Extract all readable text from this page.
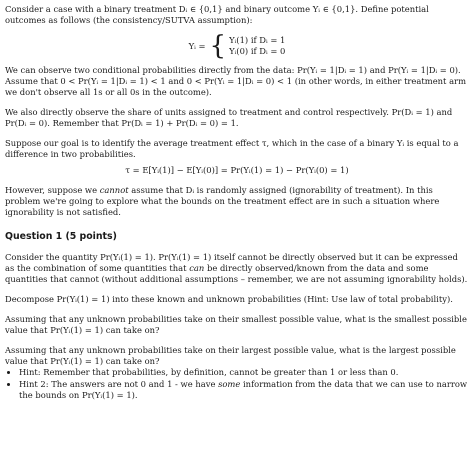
Consider a case with a binary treatment Dᵢ ∈ {0,1} and binary outcome Yᵢ ∈ {0,1}. Define potential outcomes as follows (the consistency/SUTVA assumption):

Yᵢ = { Yᵢ(1) if Dᵢ = 1
Yᵢ(0) if Dᵢ = 0

We can observe two conditional probabilities directly from the data: Pr(Yᵢ = 1|Dᵢ = 1) and Pr(Yᵢ = 1|Dᵢ = 0). Assume that 0 < Pr(Yᵢ = 1|Dᵢ = 1) < 1 and 0 < Pr(Yᵢ = 1|Dᵢ = 0) < 1 (in other words, in either treatment arm we don't observe all 1s or all 0s in the outcome).

We also directly observe the share of units assigned to treatment and control respectively. Pr(Dᵢ = 1) and Pr(Dᵢ = 0). Remember that Pr(Dᵢ = 1) + Pr(Dᵢ = 0) = 1.

Suppose our goal is to identify the average treatment effect τ, which in the case of a binary Yᵢ is equal to a difference in two probabilities.

τ = E[Yᵢ(1)] − E[Yᵢ(0)] = Pr(Yᵢ(1) = 1) − Pr(Yᵢ(0) = 1)

However, suppose we cannot assume that Dᵢ is randomly assigned (ignorability of treatment). In this problem we're going to explore what the bounds on the treatment effect are in such a situation where ignorability is not satisfied.

Question 1 (5 points)

Consider the quantity Pr(Yᵢ(1) = 1). Pr(Yᵢ(1) = 1) itself cannot be directly observed but it can be expressed as the combination of some quantities that can be directly observed/known from the data and some quantities that cannot (without additional assumptions – remember, we are not assuming ignorability holds).

Decompose Pr(Yᵢ(1) = 1) into these known and unknown probabilities (Hint: Use law of total probability).

Assuming that any unknown probabilities take on their smallest possible value, what is the smallest possible value that Pr(Yᵢ(1) = 1) can take on?

Assuming that any unknown probabilities take on their largest possible value, what is the largest possible value that Pr(Yᵢ(1) = 1) can take on?

• Hint: Remember that probabilities, by definition, cannot be greater than 1 or less than 0.
• Hint 2: The answers are not 0 and 1 - we have some information from the data that we can use to narrow the bounds on Pr(Yᵢ(1) = 1).
